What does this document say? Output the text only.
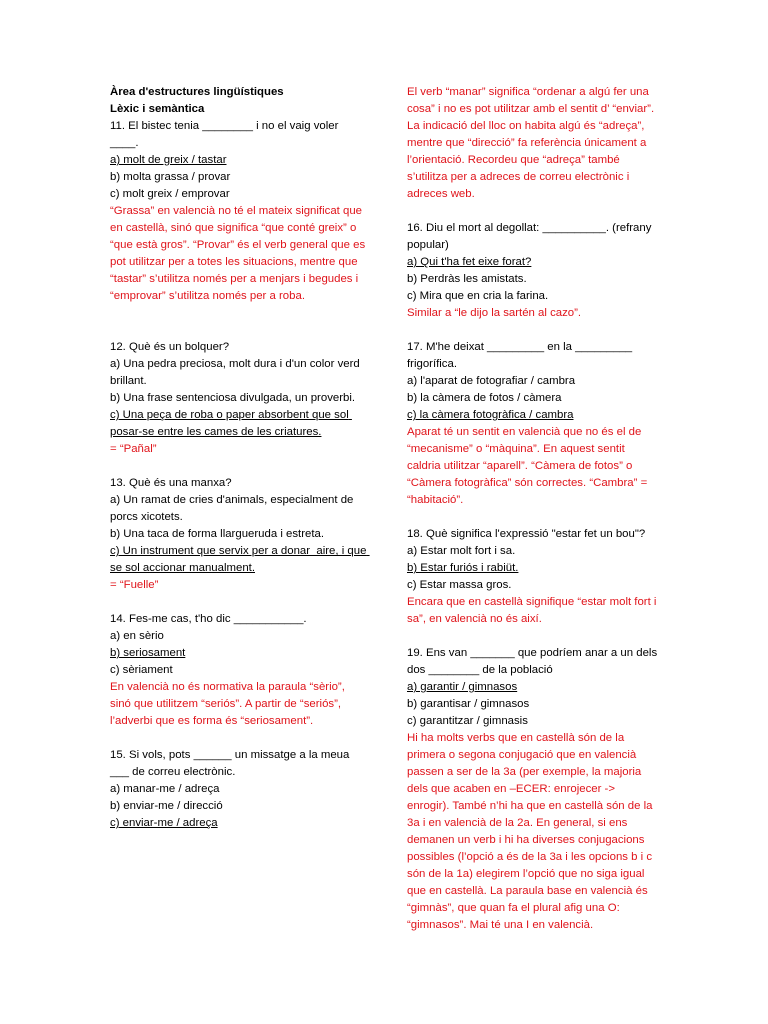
Àrea d'estructures lingüístiques
Lèxic i semàntica
11. El bistec tenia ________ i no el vaig voler ____.
a) molt de greix / tastar
b) molta grassa / provar
c) molt greix / emprovar
“Grassa” en valencià no té el mateix significat que en castellà, sinó que significa “que conté greix” o “que està gros”. “Provar” és el verb general que es pot utilitzar per a totes les situacions, mentre que “tastar” s’utilitza només per a menjars i begudes i “emprovar” s’utilitza només per a roba.
12. Què és un bolquer?
a) Una pedra preciosa, molt dura i d'un color verd brillant.
b) Una frase sentenciosa divulgada, un proverbi.
c) Una peça de roba o paper absorbent que sol posar-se entre les cames de les criatures.
= “Pañal”
13. Què és una manxa?
a) Un ramat de cries d'animals, especialment de porcs xicotets.
b) Una taca de forma llargueruda i estreta.
c) Un instrument que servix per a donar  aire, i que se sol accionar manualment.
= “Fuelle”
14. Fes-me cas, t'ho dic ___________.
a) en sèrio
b) seriosament
c) sèriament
En valencià no és normativa la paraula “sèrio”, sinó que utilitzem “seriós”. A partir de “seriós”, l’adverbi que es forma és “seriosament”.
15. Si vols, pots ______ un missatge a la meua ___ de correu electrònic.
a) manar-me / adreça
b) enviar-me / direcció
c) enviar-me / adreça
El verb “manar” significa “ordenar a algú fer una cosa” i no es pot utilitzar amb el sentit d’ “enviar”. La indicació del lloc on habita algú és “adreça”, mentre que “direcció” fa referència únicament a l’orientació. Recordeu que “adreça” també s’utilitza per a adreces de correu electrònic i adreces web.
16. Diu el mort al degollat: __________. (refrany popular)
a) Qui t'ha fet eixe forat?
b) Perdràs les amistats.
c) Mira que en cria la farina.
Similar a “le dijo la sartén al cazo”.
17. M'he deixat _________ en la _________ frigorífica.
a) l'aparat de fotografiar / cambra
b) la càmera de fotos / càmera
c) la càmera fotogràfica / cambra
Aparat té un sentit en valencià que no és el de “mecanisme” o “màquina”. En aquest sentit caldria utilitzar “aparell”. “Càmera de fotos” o “Càmera fotogràfica” són correctes. “Cambra” = “habitació”.
18. Què significa l'expressió "estar fet un bou"?
a) Estar molt fort i sa.
b) Estar furiós i rabiüt.
c) Estar massa gros.
Encara que en castellà signifique “estar molt fort i sa”, en valencià no és així.
19. Ens van _______ que podríem anar a un dels dos ________ de la població
a) garantir / gimnasos
b) garantisar / gimnasos
c) garantitzar / gimnasis
Hi ha molts verbs que en castellà són de la primera o segona conjugació que en valencià passen a ser de la 3a (per exemple, la majoria dels que acaben en –ECER: enrojecer -> enrogir). També n’hi ha que en castellà són de la 3a i en valencià de la 2a. En general, si ens demanen un verb i hi ha diverses conjugacions possibles (l’opció a és de la 3a i les opcions b i c són de la 1a) elegirem l’opció que no siga igual que en castellà. La paraula base en valencià és “gimnàs”, que quan fa el plural afig una O: “gimnasos”. Mai té una I en valencià.
